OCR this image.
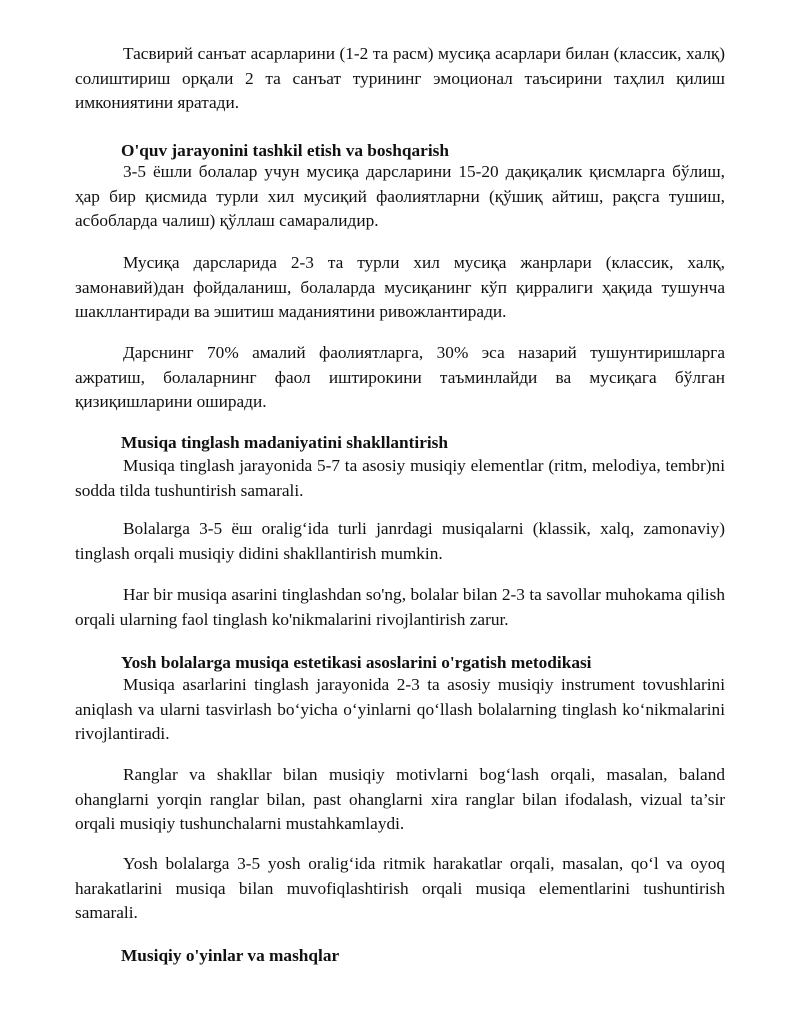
Тасвирий санъат асарларини (1-2 та расм) мусиқа асарлари билан (классик, халқ) солиштириш орқали 2 та санъат турининг эмоционал таъсирини таҳлил қилиш имкониятини яратади.

O'quv jarayonini tashkil etish va boshqarish

3-5 ёшли болалар учун мусиқа дарсларини 15-20 дақиқалик қисмларга бўлиш, ҳар бир қисмида турли хил мусиқий фаолиятларни (қўшиқ айтиш, рақсга тушиш, асбобларда чалиш) қўллаш самаралидир.

Мусиқа дарсларида 2-3 та турли хил мусиқа жанрлари (классик, халқ, замонавий)дан фойдаланиш, болаларда мусиқанинг кўп қирралиги ҳақида тушунча шакллантиради ва эшитиш маданиятини ривожлантиради.

Дарснинг 70% амалий фаолиятларга, 30% эса назарий тушунтиришларга ажратиш, болаларнинг фаол иштирокини таъминлайди ва мусиқага бўлган қизиқишларини оширади.

Musiqa tinglash madaniyatini shakllantirish

Musiqa tinglash jarayonida 5-7 ta asosiy musiqiy elementlar (ritm, melodiya, tembr)ni sodda tilda tushuntirish samarali.

Bolalarga 3-5 ёш oralig‘ida turli janrdagi musiqalarni (klassik, xalq, zamonaviy) tinglash orqali musiqiy didini shakllantirish mumkin.

Har bir musiqa asarini tinglashdan so'ng, bolalar bilan 2-3 ta savollar muhokama qilish orqali ularning faol tinglash ko'nikmalarini rivojlantirish zarur.

Yosh bolalarga musiqa estetikasi asoslarini o'rgatish metodikasi

Musiqa asarlarini tinglash jarayonida 2-3 ta asosiy musiqiy instrument tovushlarini aniqlash va ularni tasvirlash bo‘yicha o‘yinlarni qo‘llash bolalarning tinglash ko‘nikmalarini rivojlantiradi.

Ranglar va shakllar bilan musiqiy motivlarni bog‘lash orqali, masalan, baland ohanglarni yorqin ranglar bilan, past ohanglarni xira ranglar bilan ifodalash, vizual ta’sir orqali musiqiy tushunchalarni mustahkamlaydi.

Yosh bolalarga 3-5 yosh oralig‘ida ritmik harakatlar orqali, masalan, qo‘l va oyoq harakatlarini musiqa bilan muvofiqlashtirish orqali musiqa elementlarini tushuntirish samarali.

Musiqiy o'yinlar va mashqlar
